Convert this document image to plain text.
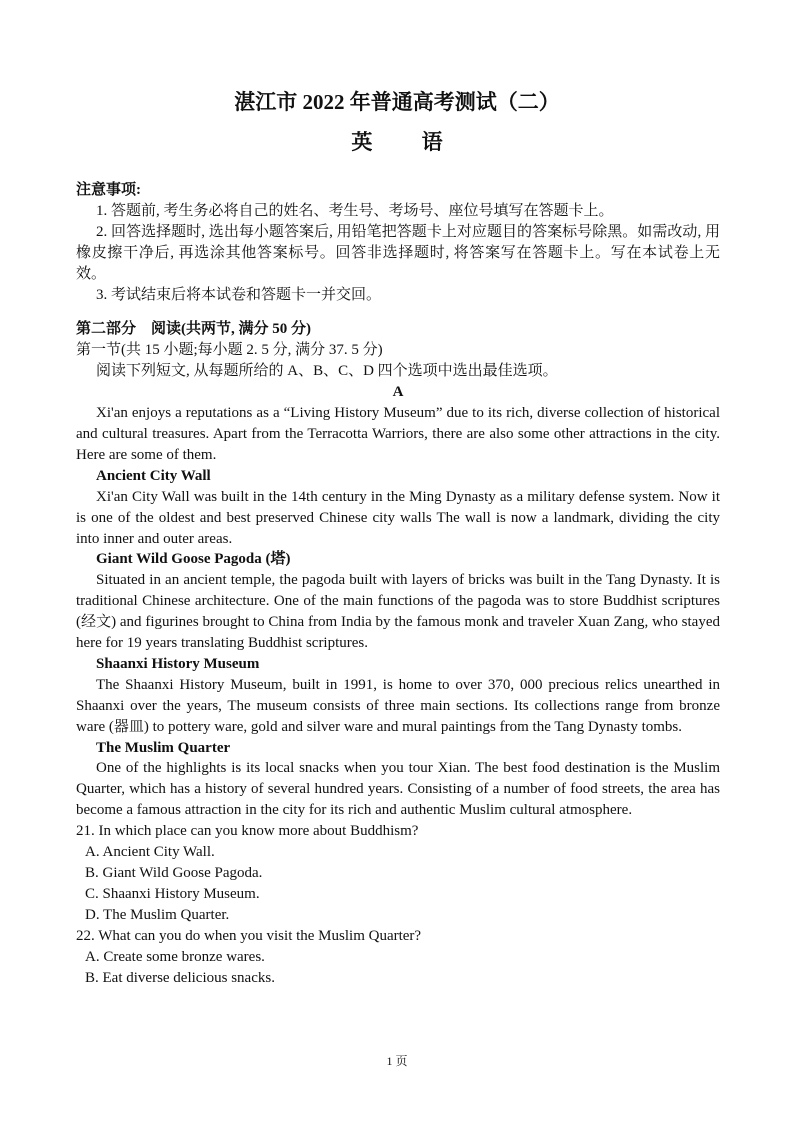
湛江市 2022 年普通高考测试（二）
英 语

注意事项:

1. 答题前, 考生务必将自己的姓名、考生号、考场号、座位号填写在答题卡上。

2. 回答选择题时, 选出每小题答案后, 用铅笔把答题卡上对应题目的答案标号除黑。如需改动, 用橡皮擦干净后, 再选涂其他答案标号。回答非选择题时, 将答案写在答题卡上。写在本试卷上无效。

3. 考试结束后将本试卷和答题卡一并交回。

第二部分　阅读(共两节, 满分 50 分)

第一节(共 15 小题;每小题 2. 5 分, 满分 37. 5 分)

阅读下列短文, 从每题所给的 A、B、C、D 四个选项中选出最佳选项。

A

Xi'an enjoys a reputations as a “Living History Museum” due to its rich, diverse collection of historical and cultural treasures. Apart from the Terracotta Warriors, there are also some other attractions in the city. Here are some of them.

Ancient City Wall

Xi'an City Wall was built in the 14th century in the Ming Dynasty as a military defense system. Now it is one of the oldest and best preserved Chinese city walls The wall is now a landmark, dividing the city into inner and outer areas.

Giant Wild Goose Pagoda (塔)

Situated in an ancient temple, the pagoda built with layers of bricks was built in the Tang Dynasty. It is traditional Chinese architecture. One of the main functions of the pagoda was to store Buddhist scriptures (经文) and figurines brought to China from India by the famous monk and traveler Xuan Zang, who stayed here for 19 years translating Buddhist scriptures.

Shaanxi History Museum

The Shaanxi History Museum, built in 1991, is home to over 370, 000 precious relics unearthed in Shaanxi over the years, The museum consists of three main sections. Its collections range from bronze ware (器皿) to pottery ware, gold and silver ware and mural paintings from the Tang Dynasty tombs.

The Muslim Quarter

One of the highlights is its local snacks when you tour Xian. The best food destination is the Muslim Quarter, which has a history of several hundred years. Consisting of a number of food streets, the area has become a famous attraction in the city for its rich and authentic Muslim cultural atmosphere.

21. In which place can you know more about Buddhism?

A. Ancient City Wall.

B. Giant Wild Goose Pagoda.

C. Shaanxi History Museum.

D. The Muslim Quarter.

22. What can you do when you visit the Muslim Quarter?

A. Create some bronze wares.

B. Eat diverse delicious snacks.

1 页
